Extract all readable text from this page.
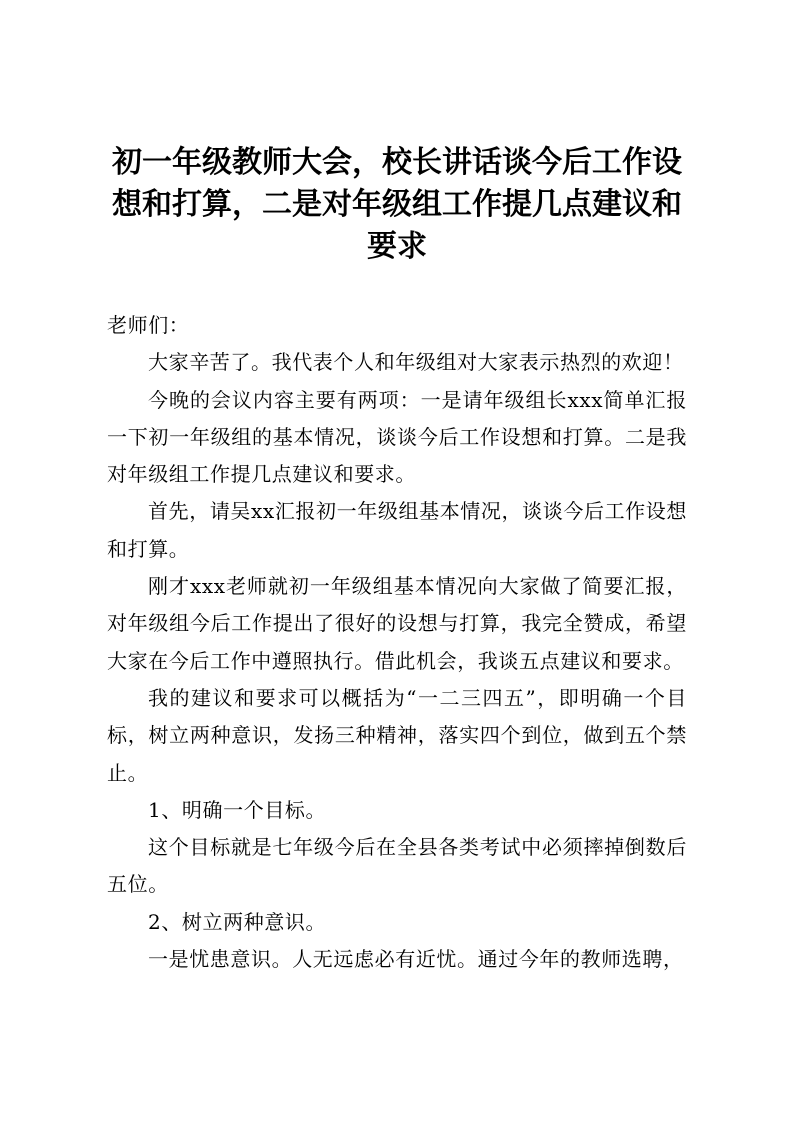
初一年级教师大会，校长讲话谈今后工作设想和打算，二是对年级组工作提几点建议和要求

老师们：

大家辛苦了。我代表个人和年级组对大家表示热烈的欢迎！

今晚的会议内容主要有两项：一是请年级组长xxx简单汇报一下初一年级组的基本情况，谈谈今后工作设想和打算。二是我对年级组工作提几点建议和要求。

首先，请吴xx汇报初一年级组基本情况，谈谈今后工作设想和打算。

刚才xxx老师就初一年级组基本情况向大家做了简要汇报，对年级组今后工作提出了很好的设想与打算，我完全赞成，希望大家在今后工作中遵照执行。借此机会，我谈五点建议和要求。

我的建议和要求可以概括为“一二三四五”，即明确一个目标，树立两种意识，发扬三种精神，落实四个到位，做到五个禁止。

1、明确一个目标。

这个目标就是七年级今后在全县各类考试中必须摔掉倒数后五位。

2、树立两种意识。

一是忧患意识。人无远虑必有近忧。通过今年的教师选聘，
